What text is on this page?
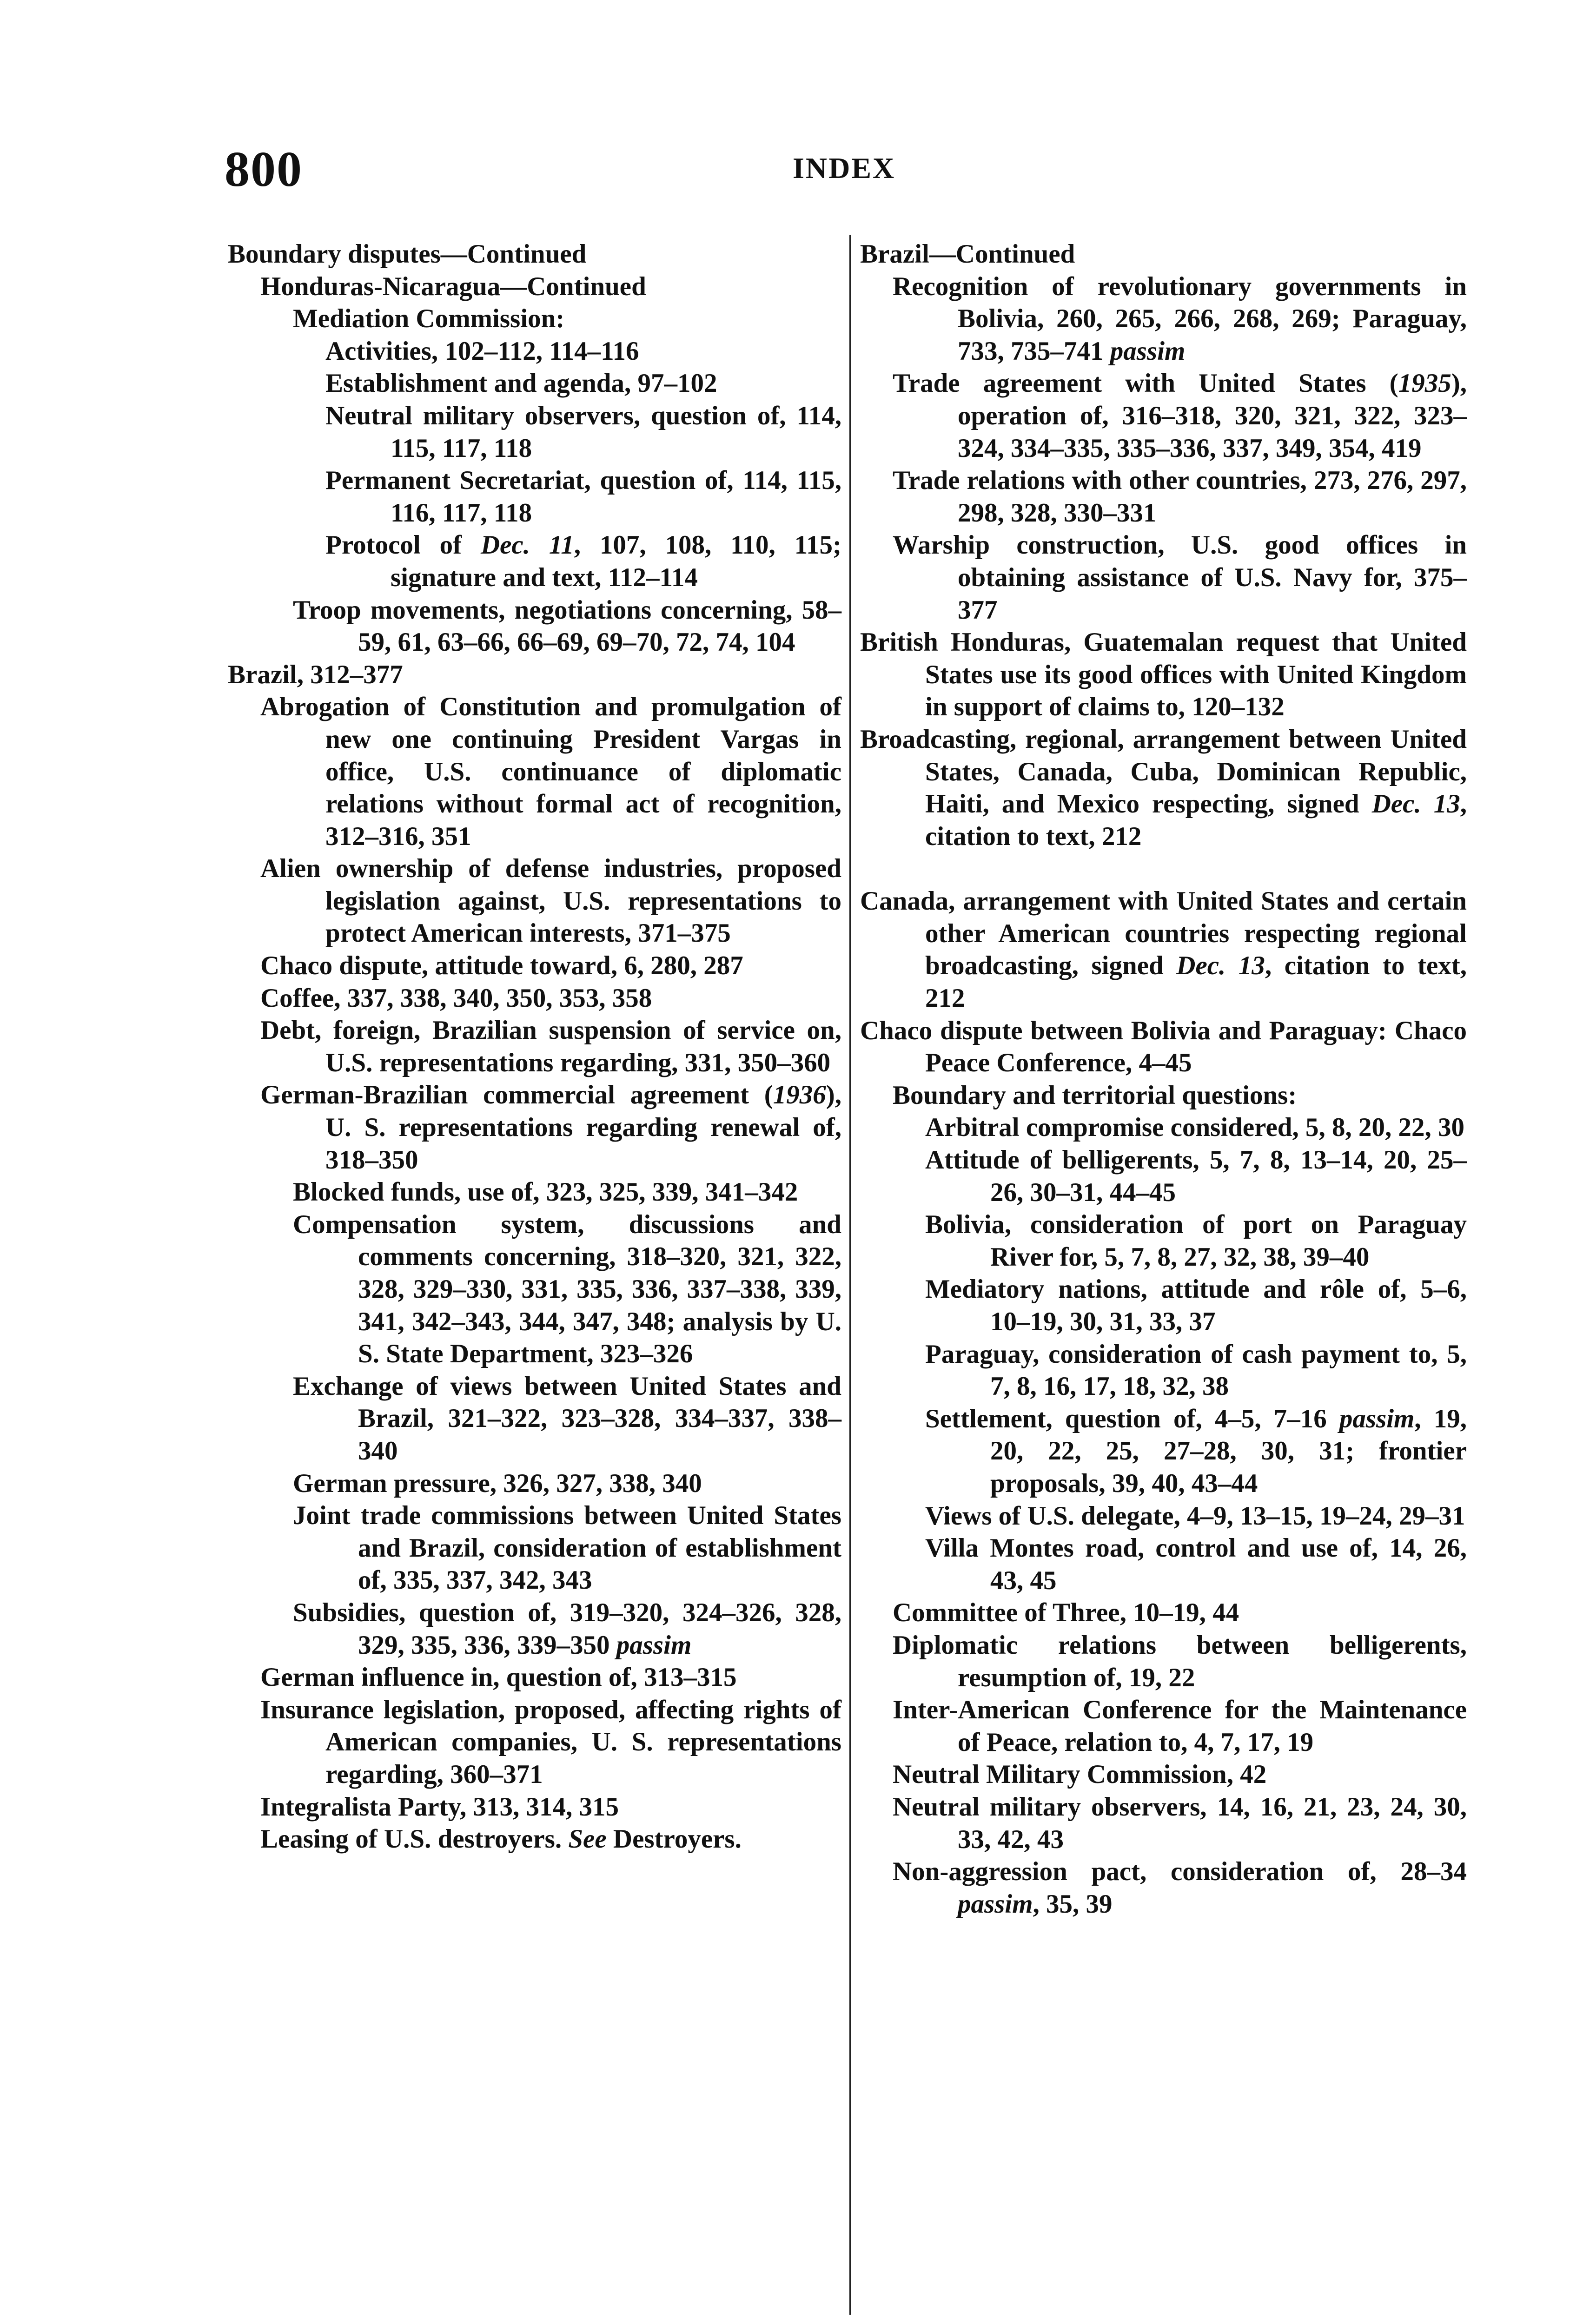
800	INDEX
Boundary disputes—Continued
Honduras-Nicaragua—Continued
Mediation Commission:
Activities, 102–112, 114–116
Establishment and agenda, 97–102
Neutral military observers, question of, 114, 115, 117, 118
Permanent Secretariat, question of, 114, 115, 116, 117, 118
Protocol of Dec. 11, 107, 108, 110, 115; signature and text, 112–114
Troop movements, negotiations concerning, 58–59, 61, 63–66, 66–69, 69–70, 72, 74, 104
Brazil, 312–377
Abrogation of Constitution and promulgation of new one continuing President Vargas in office, U.S. continuance of diplomatic relations without formal act of recognition, 312–316, 351
Alien ownership of defense industries, proposed legislation against, U.S. representations to protect American interests, 371–375
Chaco dispute, attitude toward, 6, 280, 287
Coffee, 337, 338, 340, 350, 353, 358
Debt, foreign, Brazilian suspension of service on, U.S. representations regarding, 331, 350–360
German-Brazilian commercial agreement (1936), U. S. representations regarding renewal of, 318–350
Blocked funds, use of, 323, 325, 339, 341–342
Compensation system, discussions and comments concerning, 318–320, 321, 322, 328, 329–330, 331, 335, 336, 337–338, 339, 341, 342–343, 344, 347, 348; analysis by U. S. State Department, 323–326
Exchange of views between United States and Brazil, 321–322, 323–328, 334–337, 338–340
German pressure, 326, 327, 338, 340
Joint trade commissions between United States and Brazil, consideration of establishment of, 335, 337, 342, 343
Subsidies, question of, 319–320, 324–326, 328, 329, 335, 336, 339–350 passim
German influence in, question of, 313–315
Insurance legislation, proposed, affecting rights of American companies, U. S. representations regarding, 360–371
Integralista Party, 313, 314, 315
Leasing of U.S. destroyers. See Destroyers.
Brazil—Continued
Recognition of revolutionary governments in Bolivia, 260, 265, 266, 268, 269; Paraguay, 733, 735–741 passim
Trade agreement with United States (1935), operation of, 316–318, 320, 321, 322, 323–324, 334–335, 335–336, 337, 349, 354, 419
Trade relations with other countries, 273, 276, 297, 298, 328, 330–331
Warship construction, U.S. good offices in obtaining assistance of U.S. Navy for, 375–377
British Honduras, Guatemalan request that United States use its good offices with United Kingdom in support of claims to, 120–132
Broadcasting, regional, arrangement between United States, Canada, Cuba, Dominican Republic, Haiti, and Mexico respecting, signed Dec. 13, citation to text, 212
Canada, arrangement with United States and certain other American countries respecting regional broadcasting, signed Dec. 13, citation to text, 212
Chaco dispute between Bolivia and Paraguay: Chaco Peace Conference, 4–45
Boundary and territorial questions:
Arbitral compromise considered, 5, 8, 20, 22, 30
Attitude of belligerents, 5, 7, 8, 13–14, 20, 25–26, 30–31, 44–45
Bolivia, consideration of port on Paraguay River for, 5, 7, 8, 27, 32, 38, 39–40
Mediatory nations, attitude and rôle of, 5–6, 10–19, 30, 31, 33, 37
Paraguay, consideration of cash payment to, 5, 7, 8, 16, 17, 18, 32, 38
Settlement, question of, 4–5, 7–16 passim, 19, 20, 22, 25, 27–28, 30, 31; frontier proposals, 39, 40, 43–44
Views of U.S. delegate, 4–9, 13–15, 19–24, 29–31
Villa Montes road, control and use of, 14, 26, 43, 45
Committee of Three, 10–19, 44
Diplomatic relations between belligerents, resumption of, 19, 22
Inter-American Conference for the Maintenance of Peace, relation to, 4, 7, 17, 19
Neutral Military Commission, 42
Neutral military observers, 14, 16, 21, 23, 24, 30, 33, 42, 43
Non-aggression pact, consideration of, 28–34 passim, 35, 39
